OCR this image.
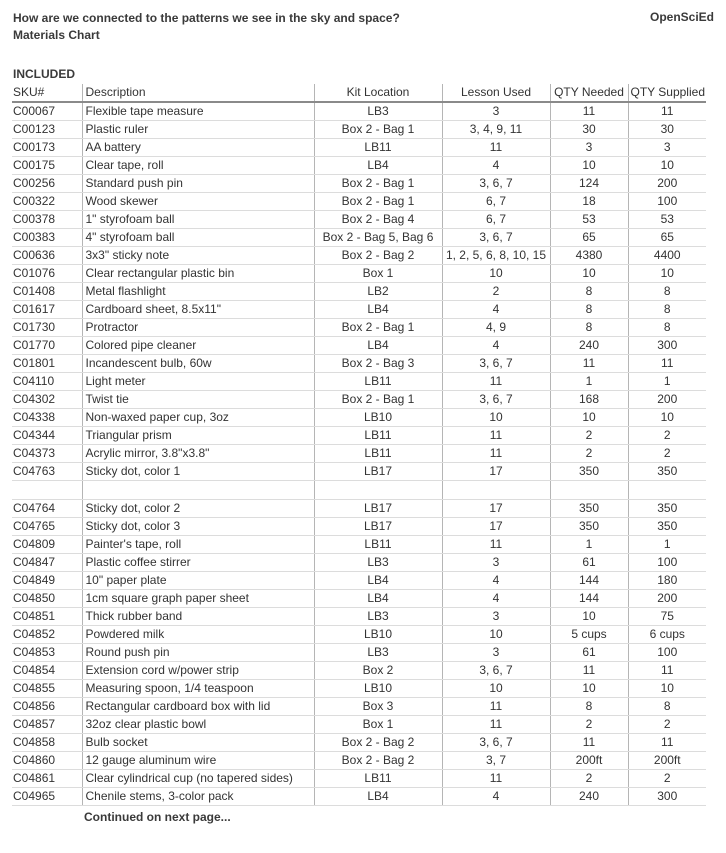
How are we connected to the patterns we see in the sky and space?
Materials Chart
OpenSciEd
INCLUDED
SKU#	Description	Kit Location	Lesson Used	QTY Needed	QTY Supplied
C00067	Flexible tape measure	LB3	3	11	11
C00123	Plastic ruler	Box 2 - Bag 1	3, 4, 9, 11	30	30
C00173	AA battery	LB11	11	3	3
C00175	Clear tape, roll	LB4	4	10	10
C00256	Standard push pin	Box 2 - Bag 1	3, 6, 7	124	200
C00322	Wood skewer	Box 2 - Bag 1	6, 7	18	100
C00378	1" styrofoam ball	Box 2 - Bag 4	6, 7	53	53
C00383	4" styrofoam ball	Box 2 - Bag 5, Bag 6	3, 6, 7	65	65
C00636	3x3" sticky note	Box 2 - Bag 2	1, 2, 5, 6, 8, 10, 15	4380	4400
C01076	Clear rectangular plastic bin	Box 1	10	10	10
C01408	Metal flashlight	LB2	2	8	8
C01617	Cardboard sheet, 8.5x11"	LB4	4	8	8
C01730	Protractor	Box 2 - Bag 1	4, 9	8	8
C01770	Colored pipe cleaner	LB4	4	240	300
C01801	Incandescent bulb, 60w	Box 2 - Bag 3	3, 6, 7	11	11
C04110	Light meter	LB11	11	1	1
C04302	Twist tie	Box 2 - Bag 1	3, 6, 7	168	200
C04338	Non-waxed paper cup, 3oz	LB10	10	10	10
C04344	Triangular prism	LB11	11	2	2
C04373	Acrylic mirror, 3.8"x3.8"	LB11	11	2	2
C04763	Sticky dot, color 1	LB17	17	350	350

C04764	Sticky dot, color 2	LB17	17	350	350
C04765	Sticky dot, color 3	LB17	17	350	350
C04809	Painter's tape, roll	LB11	11	1	1
C04847	Plastic coffee stirrer	LB3	3	61	100
C04849	10" paper plate	LB4	4	144	180
C04850	1cm square graph paper sheet	LB4	4	144	200
C04851	Thick rubber band	LB3	3	10	75
C04852	Powdered milk	LB10	10	5 cups	6 cups
C04853	Round push pin	LB3	3	61	100
C04854	Extension cord w/power strip	Box 2	3, 6, 7	11	11
C04855	Measuring spoon, 1/4 teaspoon	LB10	10	10	10
C04856	Rectangular cardboard box with lid	Box 3	11	8	8
C04857	32oz clear plastic bowl	Box 1	11	2	2
C04858	Bulb socket	Box 2 - Bag 2	3, 6, 7	11	11
C04860	12 gauge aluminum wire	Box 2 - Bag 2	3, 7	200ft	200ft
C04861	Clear cylindrical cup (no tapered sides)	LB11	11	2	2
C04965	Chenile stems, 3-color pack	LB4	4	240	300
Continued on next page...
